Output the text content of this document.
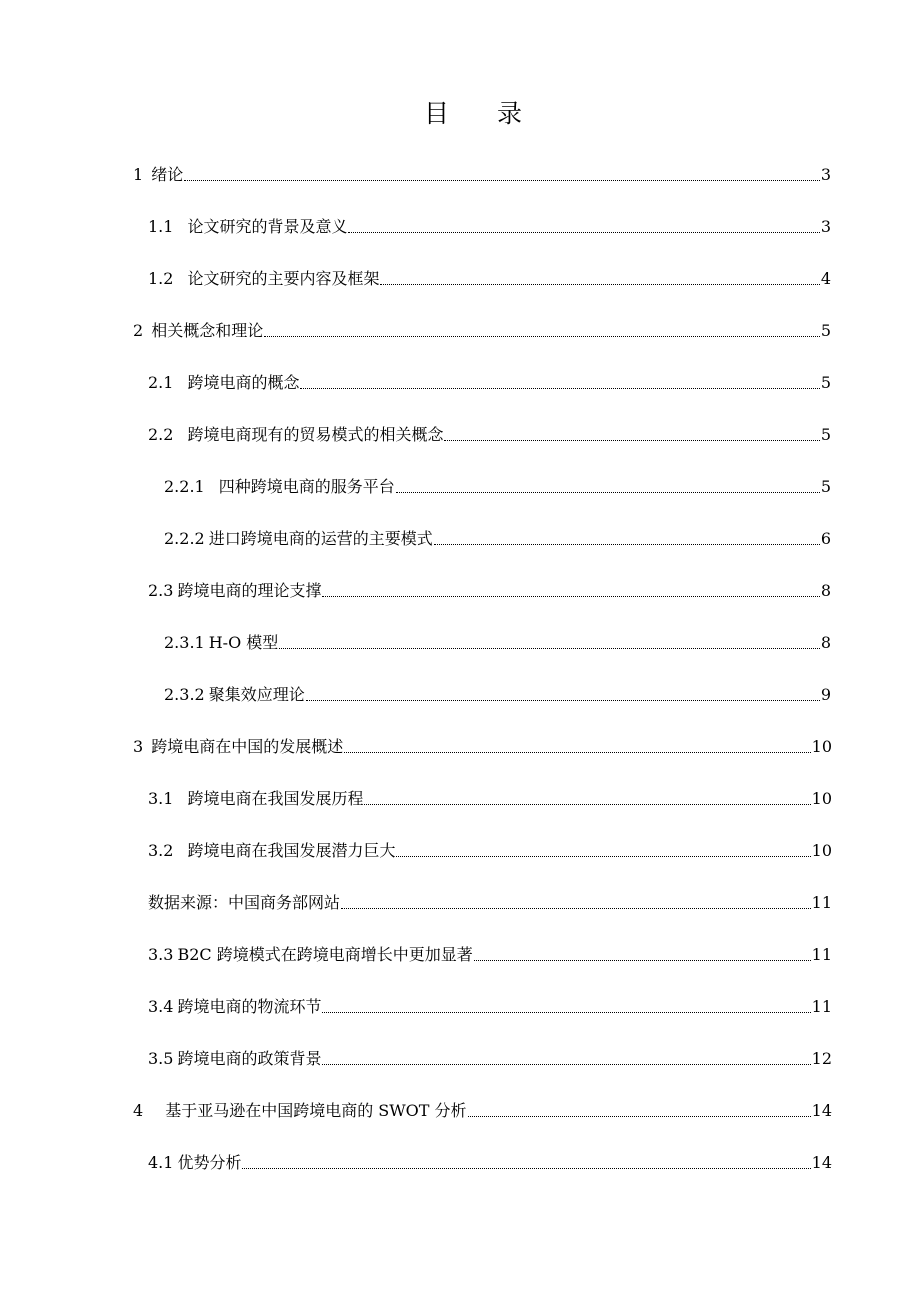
目 录
1 绪论	3
1.1 论文研究的背景及意义	3
1.2 论文研究的主要内容及框架	4
2 相关概念和理论	5
2.1 跨境电商的概念	5
2.2 跨境电商现有的贸易模式的相关概念	5
2.2.1 四种跨境电商的服务平台	5
2.2.2 进口跨境电商的运营的主要模式	6
2.3 跨境电商的理论支撑	8
2.3.1 H-O 模型	8
2.3.2 聚集效应理论	9
3 跨境电商在中国的发展概述	10
3.1 跨境电商在我国发展历程	10
3.2 跨境电商在我国发展潜力巨大	10
数据来源：中国商务部网站	11
3.3 B2C 跨境模式在跨境电商增长中更加显著	11
3.4 跨境电商的物流环节	11
3.5 跨境电商的政策背景	12
4 基于亚马逊在中国跨境电商的 SWOT 分析	14
4.1 优势分析	14
